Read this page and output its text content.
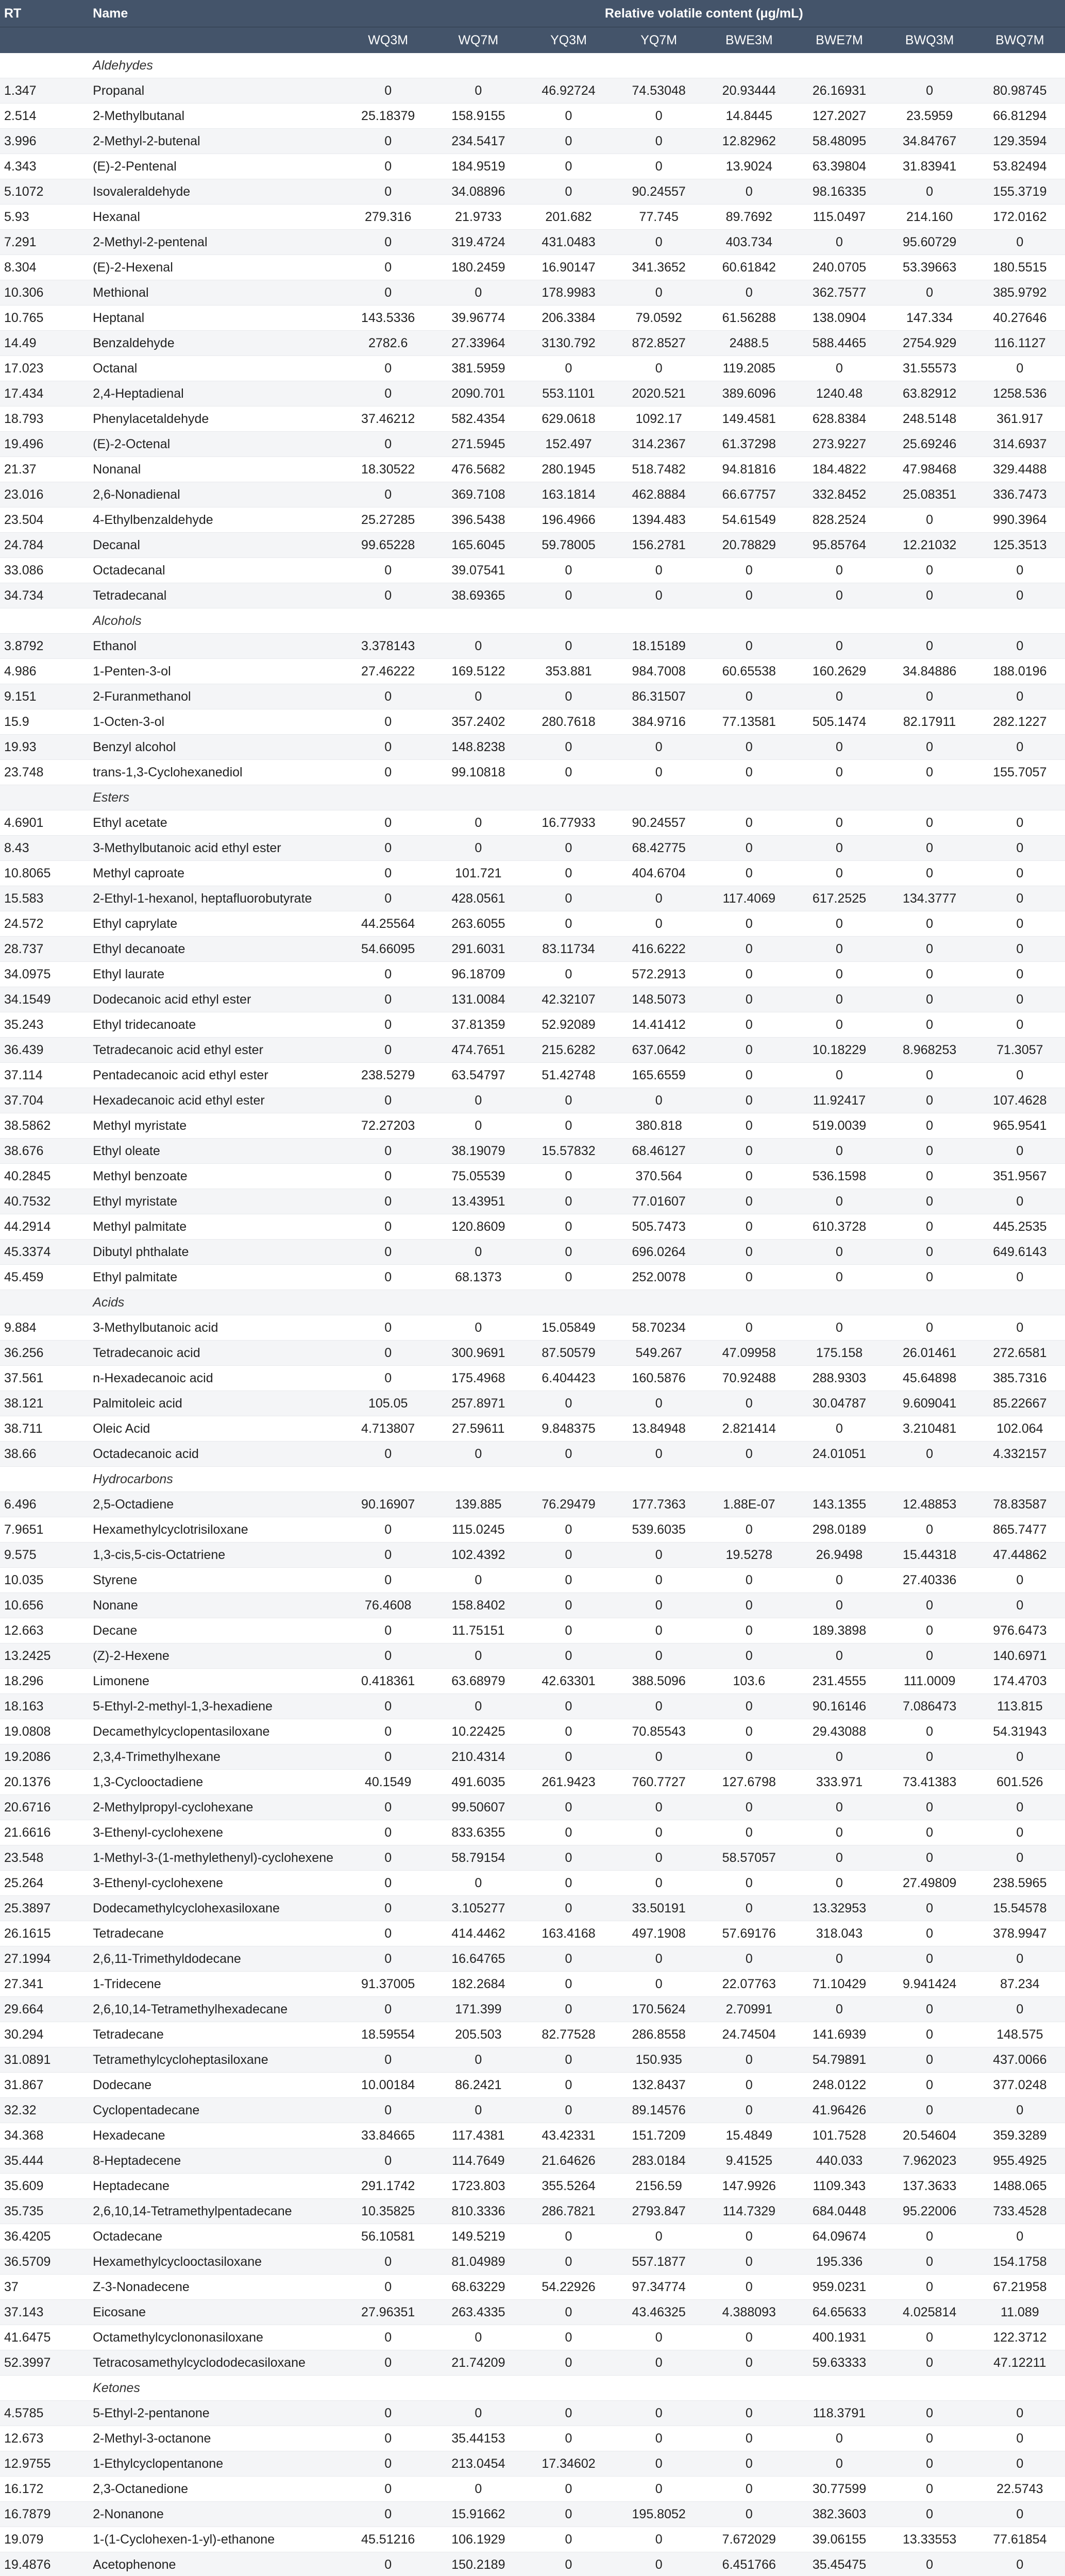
RT	Name	Relative volatile content (μg/mL)							
		WQ3M	WQ7M	YQ3M	YQ7M	BWE3M	BWE7M	BWQ3M	BWQ7M
	Aldehydes								
1.347	Propanal	0	0	46.92724	74.53048	20.93444	26.16931	0	80.98745
2.514	2-Methylbutanal	25.18379	158.9155	0	0	14.8445	127.2027	23.5959	66.81294
3.996	2-Methyl-2-butenal	0	234.5417	0	0	12.82962	58.48095	34.84767	129.3594
4.343	(E)-2-Pentenal	0	184.9519	0	0	13.9024	63.39804	31.83941	53.82494
5.1072	Isovaleraldehyde	0	34.08896	0	90.24557	0	98.16335	0	155.3719
5.93	Hexanal	279.316	21.9733	201.682	77.745	89.7692	115.0497	214.160	172.0162
7.291	2-Methyl-2-pentenal	0	319.4724	431.0483	0	403.734	0	95.60729	0
8.304	(E)-2-Hexenal	0	180.2459	16.90147	341.3652	60.61842	240.0705	53.39663	180.5515
10.306	Methional	0	0	178.9983	0	0	362.7577	0	385.9792
10.765	Heptanal	143.5336	39.96774	206.3384	79.0592	61.56288	138.0904	147.334	40.27646
14.49	Benzaldehyde	2782.6	27.33964	3130.792	872.8527	2488.5	588.4465	2754.929	116.1127
17.023	Octanal	0	381.5959	0	0	119.2085	0	31.55573	0
17.434	2,4-Heptadienal	0	2090.701	553.1101	2020.521	389.6096	1240.48	63.82912	1258.536
18.793	Phenylacetaldehyde	37.46212	582.4354	629.0618	1092.17	149.4581	628.8384	248.5148	361.917
19.496	(E)-2-Octenal	0	271.5945	152.497	314.2367	61.37298	273.9227	25.69246	314.6937
21.37	Nonanal	18.30522	476.5682	280.1945	518.7482	94.81816	184.4822	47.98468	329.4488
23.016	2,6-Nonadienal	0	369.7108	163.1814	462.8884	66.67757	332.8452	25.08351	336.7473
23.504	4-Ethylbenzaldehyde	25.27285	396.5438	196.4966	1394.483	54.61549	828.2524	0	990.3964
24.784	Decanal	99.65228	165.6045	59.78005	156.2781	20.78829	95.85764	12.21032	125.3513
33.086	Octadecanal	0	39.07541	0	0	0	0	0	0
34.734	Tetradecanal	0	38.69365	0	0	0	0	0	0
	Alcohols								
3.8792	Ethanol	3.378143	0	0	18.15189	0	0	0	0
4.986	1-Penten-3-ol	27.46222	169.5122	353.881	984.7008	60.65538	160.2629	34.84886	188.0196
9.151	2-Furanmethanol	0	0	0	86.31507	0	0	0	0
15.9	1-Octen-3-ol	0	357.2402	280.7618	384.9716	77.13581	505.1474	82.17911	282.1227
19.93	Benzyl alcohol	0	148.8238	0	0	0	0	0	0
23.748	trans-1,3-Cyclohexanediol	0	99.10818	0	0	0	0	0	155.7057
	Esters								
4.6901	Ethyl acetate	0	0	16.77933	90.24557	0	0	0	0
8.43	3-Methylbutanoic acid ethyl ester	0	0	0	68.42775	0	0	0	0
10.8065	Methyl caproate	0	101.721	0	404.6704	0	0	0	0
15.583	2-Ethyl-1-hexanol, heptafluorobutyrate	0	428.0561	0	0	117.4069	617.2525	134.3777	0
24.572	Ethyl caprylate	44.25564	263.6055	0	0	0	0	0	0
28.737	Ethyl decanoate	54.66095	291.6031	83.11734	416.6222	0	0	0	0
34.0975	Ethyl laurate	0	96.18709	0	572.2913	0	0	0	0
34.1549	Dodecanoic acid ethyl ester	0	131.0084	42.32107	148.5073	0	0	0	0
35.243	Ethyl tridecanoate	0	37.81359	52.92089	14.41412	0	0	0	0
36.439	Tetradecanoic acid ethyl ester	0	474.7651	215.6282	637.0642	0	10.18229	8.968253	71.3057
37.114	Pentadecanoic acid ethyl ester	238.5279	63.54797	51.42748	165.6559	0	0	0	0
37.704	Hexadecanoic acid ethyl ester	0	0	0	0	0	11.92417	0	107.4628
38.5862	Methyl myristate	72.27203	0	0	380.818	0	519.0039	0	965.9541
38.676	Ethyl oleate	0	38.19079	15.57832	68.46127	0	0	0	0
40.2845	Methyl benzoate	0	75.05539	0	370.564	0	536.1598	0	351.9567
40.7532	Ethyl myristate	0	13.43951	0	77.01607	0	0	0	0
44.2914	Methyl palmitate	0	120.8609	0	505.7473	0	610.3728	0	445.2535
45.3374	Dibutyl phthalate	0	0	0	696.0264	0	0	0	649.6143
45.459	Ethyl palmitate	0	68.1373	0	252.0078	0	0	0	0
	Acids								
9.884	3-Methylbutanoic acid	0	0	15.05849	58.70234	0	0	0	0
36.256	Tetradecanoic acid	0	300.9691	87.50579	549.267	47.09958	175.158	26.01461	272.6581
37.561	n-Hexadecanoic acid	0	175.4968	6.404423	160.5876	70.92488	288.9303	45.64898	385.7316
38.121	Palmitoleic acid	105.05	257.8971	0	0	0	30.04787	9.609041	85.22667
38.711	Oleic Acid	4.713807	27.59611	9.848375	13.84948	2.821414	0	3.210481	102.064
38.66	Octadecanoic acid	0	0	0	0	0	24.01051	0	4.332157
	Hydrocarbons								
6.496	2,5-Octadiene	90.16907	139.885	76.29479	177.7363	1.88E-07	143.1355	12.48853	78.83587
7.9651	Hexamethylcyclotrisiloxane	0	115.0245	0	539.6035	0	298.0189	0	865.7477
9.575	1,3-cis,5-cis-Octatriene	0	102.4392	0	0	19.5278	26.9498	15.44318	47.44862
10.035	Styrene	0	0	0	0	0	0	27.40336	0
10.656	Nonane	76.4608	158.8402	0	0	0	0	0	0
12.663	Decane	0	11.75151	0	0	0	189.3898	0	976.6473
13.2425	(Z)-2-Hexene	0	0	0	0	0	0	0	140.6971
18.296	Limonene	0.418361	63.68979	42.63301	388.5096	103.6	231.4555	111.0009	174.4703
18.163	5-Ethyl-2-methyl-1,3-hexadiene	0	0	0	0	0	90.16146	7.086473	113.815
19.0808	Decamethylcyclopentasiloxane	0	10.22425	0	70.85543	0	29.43088	0	54.31943
19.2086	2,3,4-Trimethylhexane	0	210.4314	0	0	0	0	0	0
20.1376	1,3-Cyclooctadiene	40.1549	491.6035	261.9423	760.7727	127.6798	333.971	73.41383	601.526
20.6716	2-Methylpropyl-cyclohexane	0	99.50607	0	0	0	0	0	0
21.6616	3-Ethenyl-cyclohexene	0	833.6355	0	0	0	0	0	0
23.548	1-Methyl-3-(1-methylethenyl)-cyclohexene	0	58.79154	0	0	58.57057	0	0	0
25.264	3-Ethenyl-cyclohexene	0	0	0	0	0	0	27.49809	238.5965
25.3897	Dodecamethylcyclohexasiloxane	0	3.105277	0	33.50191	0	13.32953	0	15.54578
26.1615	Tetradecane	0	414.4462	163.4168	497.1908	57.69176	318.043	0	378.9947
27.1994	2,6,11-Trimethyldodecane	0	16.64765	0	0	0	0	0	0
27.341	1-Tridecene	91.37005	182.2684	0	0	22.07763	71.10429	9.941424	87.234
29.664	2,6,10,14-Tetramethylhexadecane	0	171.399	0	170.5624	2.70991	0	0	0
30.294	Tetradecane	18.59554	205.503	82.77528	286.8558	24.74504	141.6939	0	148.575
31.0891	Tetramethylcycloheptasiloxane	0	0	0	150.935	0	54.79891	0	437.0066
31.867	Dodecane	10.00184	86.2421	0	132.8437	0	248.0122	0	377.0248
32.32	Cyclopentadecane	0	0	0	89.14576	0	41.96426	0	0
34.368	Hexadecane	33.84665	117.4381	43.42331	151.7209	15.4849	101.7528	20.54604	359.3289
35.444	8-Heptadecene	0	114.7649	21.64626	283.0184	9.41525	440.033	7.962023	955.4925
35.609	Heptadecane	291.1742	1723.803	355.5264	2156.59	147.9926	1109.343	137.3633	1488.065
35.735	2,6,10,14-Tetramethylpentadecane	10.35825	810.3336	286.7821	2793.847	114.7329	684.0448	95.22006	733.4528
36.4205	Octadecane	56.10581	149.5219	0	0	0	64.09674	0	0
36.5709	Hexamethylcyclooctasiloxane	0	81.04989	0	557.1877	0	195.336	0	154.1758
37	Z-3-Nonadecene	0	68.63229	54.22926	97.34774	0	959.0231	0	67.21958
37.143	Eicosane	27.96351	263.4335	0	43.46325	4.388093	64.65633	4.025814	11.089
41.6475	Octamethylcyclononasiloxane	0	0	0	0	0	400.1931	0	122.3712
52.3997	Tetracosamethylcyclododecasiloxane	0	21.74209	0	0	0	59.63333	0	47.12211
	Ketones								
4.5785	5-Ethyl-2-pentanone	0	0	0	0	0	118.3791	0	0
12.673	2-Methyl-3-octanone	0	35.44153	0	0	0	0	0	0
12.9755	1-Ethylcyclopentanone	0	213.0454	17.34602	0	0	0	0	0
16.172	2,3-Octanedione	0	0	0	0	0	30.77599	0	22.5743
16.7879	2-Nonanone	0	15.91662	0	195.8052	0	382.3603	0	0
19.079	1-(1-Cyclohexen-1-yl)-ethanone	45.51216	106.1929	0	0	7.672029	39.06155	13.33553	77.61854
19.4876	Acetophenone	0	150.2189	0	0	6.451766	35.45475	0	0
